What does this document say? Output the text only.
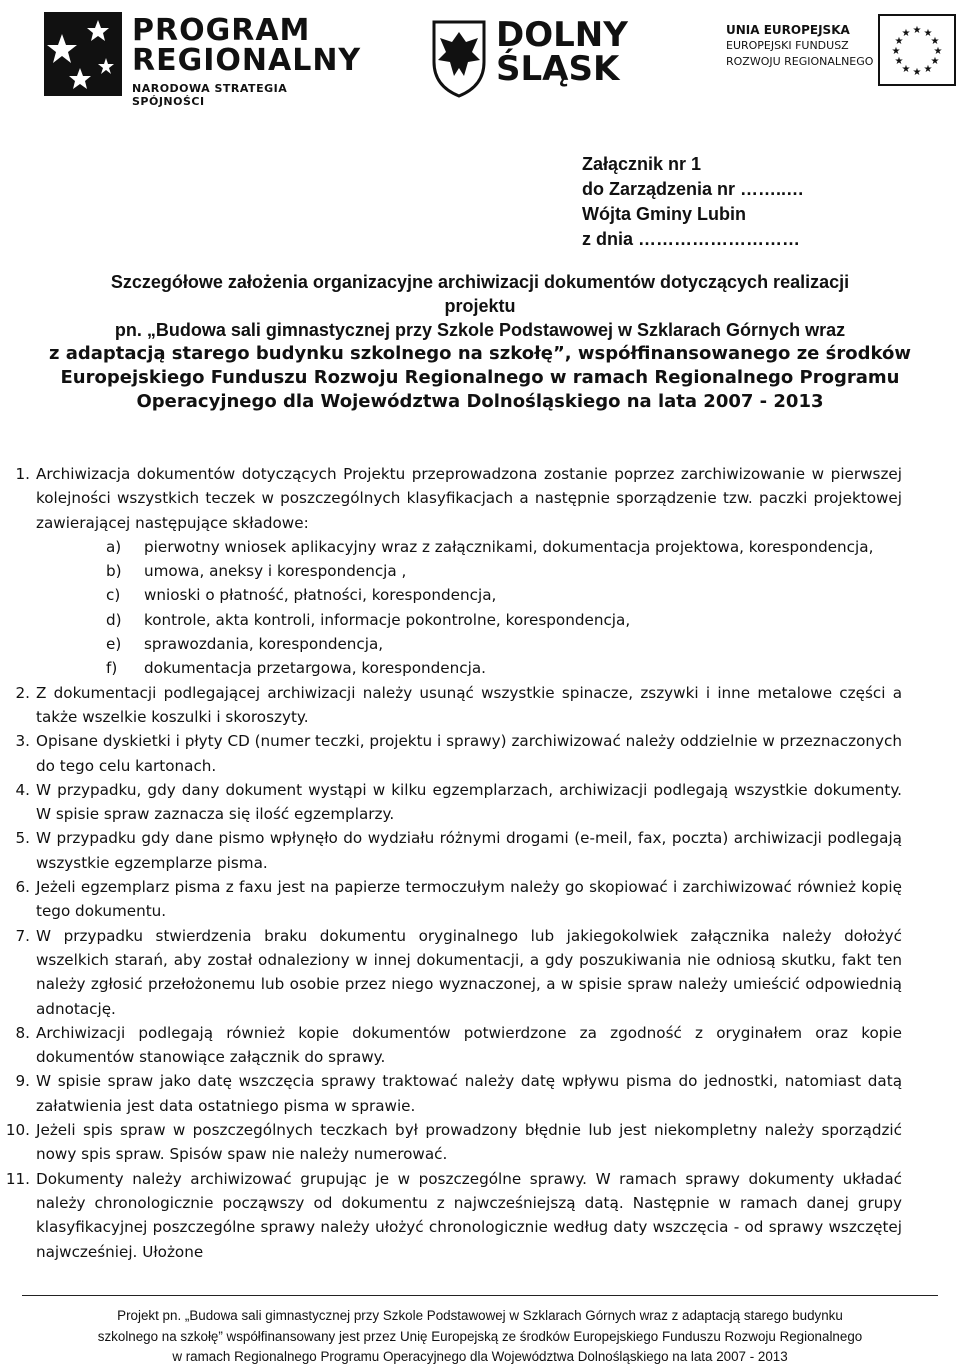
PROGRAM
REGIONALNY
NARODOWA STRATEGIA SPÓJNOŚCI
DOLNY
ŚLĄSK
UNIA EUROPEJSKA
EUROPEJSKI FUNDUSZ
ROZWOJU REGIONALNEGO
★ ★
★
★
★
★
★
★
★
★
★
★
Załącznik nr 1
do Zarządzenia nr ……..…
Wójta Gminy Lubin
z dnia ………………………
Szczegółowe założenia organizacyjne archiwizacji dokumentów dotyczących realizacji
projektu
pn. „Budowa sali gimnastycznej przy Szkole Podstawowej w Szklarach Górnych wraz
z adaptacją starego budynku szkolnego na szkołę”, współfinansowanego ze środków
Europejskiego Funduszu Rozwoju Regionalnego w ramach Regionalnego Programu
Operacyjnego dla Województwa Dolnośląskiego na lata 2007 - 2013
1. Archiwizacja dokumentów dotyczących Projektu przeprowadzona zostanie poprzez zarchiwizowanie w pierwszej kolejności wszystkich teczek w poszczególnych klasyfikacjach a następnie sporządzenie tzw. paczki projektowej zawierającej następujące składowe:
a) pierwotny wniosek aplikacyjny wraz z załącznikami, dokumentacja projektowa, korespondencja,
b) umowa, aneksy i korespondencja ,
c) wnioski o płatność, płatności, korespondencja,
d) kontrole, akta kontroli, informacje pokontrolne, korespondencja,
e) sprawozdania, korespondencja,
f) dokumentacja przetargowa, korespondencja.
2. Z dokumentacji podlegającej archiwizacji należy usunąć wszystkie spinacze, zszywki i inne metalowe części a także wszelkie koszulki i skoroszyty.
3. Opisane dyskietki i płyty CD (numer teczki, projektu i sprawy) zarchiwizować należy oddzielnie w przeznaczonych do tego celu kartonach.
4. W przypadku, gdy dany dokument wystąpi w kilku egzemplarzach, archiwizacji podlegają wszystkie dokumenty. W spisie spraw zaznacza się ilość egzemplarzy.
5. W przypadku gdy dane pismo wpłynęło do wydziału różnymi drogami (e-meil, fax, poczta) archiwizacji podlegają wszystkie egzemplarze pisma.
6. Jeżeli egzemplarz pisma z faxu jest na papierze termoczułym należy go skopiować i zarchiwizować również kopię tego dokumentu.
7. W przypadku stwierdzenia braku dokumentu oryginalnego lub jakiegokolwiek załącznika należy dołożyć wszelkich starań, aby został odnaleziony w innej dokumentacji, a gdy poszukiwania nie odniosą skutku, fakt ten należy zgłosić przełożonemu lub osobie przez niego wyznaczonej, a w spisie spraw należy umieścić odpowiednią adnotację.
8. Archiwizacji podlegają również kopie dokumentów potwierdzone za zgodność z oryginałem oraz kopie dokumentów stanowiące załącznik do sprawy.
9. W spisie spraw jako datę wszczęcia sprawy traktować należy datę wpływu pisma do jednostki, natomiast datą załatwienia jest data ostatniego pisma w sprawie.
10. Jeżeli spis spraw w poszczególnych teczkach był prowadzony błędnie lub jest niekompletny należy sporządzić nowy spis spraw. Spisów spaw nie należy numerować.
11. Dokumenty należy archiwizować grupując je w poszczególne sprawy. W ramach sprawy dokumenty układać należy chronologicznie począwszy od dokumentu z najwcześniejszą datą. Następnie w ramach danej grupy klasyfikacyjnej poszczególne sprawy należy ułożyć chronologicznie według daty wszczęcia - od sprawy wszczętej najwcześniej. Ułożone
Projekt pn. „Budowa sali gimnastycznej przy Szkole Podstawowej w Szklarach Górnych wraz z adaptacją starego budynku
szkolnego na szkołę” współfinansowany jest przez Unię Europejską ze środków Europejskiego Funduszu Rozwoju Regionalnego
w ramach Regionalnego Programu Operacyjnego dla Województwa Dolnośląskiego na lata 2007 - 2013
